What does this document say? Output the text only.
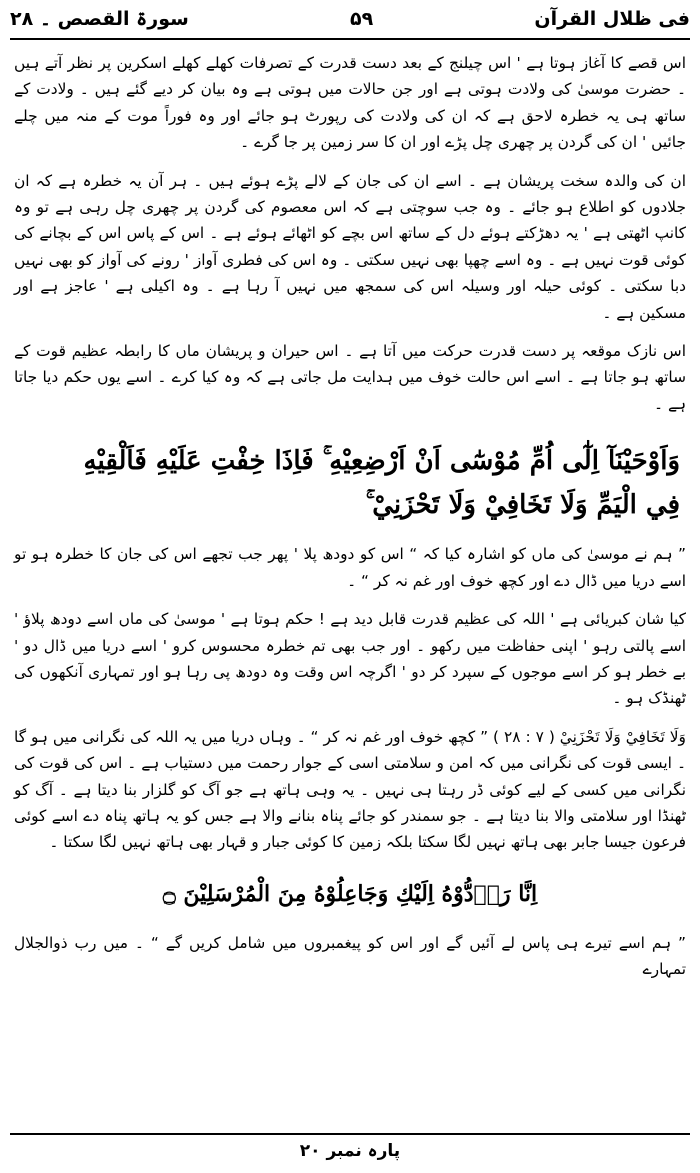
سورۃ القصص ۔ ۲۸	۵۹	فی ظلال القرآن

اس قصے کا آغاز ہوتا ہے ' اس چیلنج کے بعد دست قدرت کے تصرفات کھلے کھلے اسکرین پر نظر آتے ہیں ۔ حضرت موسیٰ کی ولادت ہوتی ہے اور جن حالات میں ہوتی ہے وہ بیان کر دیے گئے ہیں ۔ ولادت کے ساتھ ہی یہ خطرہ لاحق ہے کہ ان کی ولادت کی رپورٹ ہو جائے اور وہ فوراً موت کے منہ میں چلے جائیں ' ان کی گردن پر چھری چل پڑے اور ان کا سر زمین پر جا گرے ۔

ان کی والدہ سخت پریشان ہے ۔ اسے ان کی جان کے لالے پڑے ہوئے ہیں ۔ ہر آن یہ خطرہ ہے کہ ان جلادوں کو اطلاع ہو جائے ۔ وہ جب سوچتی ہے کہ اس معصوم کی گردن پر چھری چل رہی ہے تو وہ کانپ اٹھتی ہے ' یہ دھڑکتے ہوئے دل کے ساتھ اس بچے کو اٹھائے ہوئے ہے ۔ اس کے پاس اس کے بچانے کی کوئی قوت نہیں ہے ۔ وہ اسے چھپا بھی نہیں سکتی ۔ وہ اس کی فطری آواز ' رونے کی آواز کو بھی نہیں دبا سکتی ۔ کوئی حیلہ اور وسیلہ اس کی سمجھ میں نہیں آ رہا ہے ۔ وہ اکیلی ہے ' عاجز ہے اور مسکین ہے ۔

اس نازک موقعہ پر دست قدرت حرکت میں آتا ہے ۔ اس حیران و پریشان ماں کا رابطہ عظیم قوت کے ساتھ ہو جاتا ہے ۔ اسے اس حالت خوف میں ہدایت مل جاتی ہے کہ وہ کیا کرے ۔ اسے یوں حکم دیا جاتا ہے ۔

وَاَوْحَيْنَآ اِلٰٓى اُمِّ مُوْسٰٓى اَنْ اَرْضِعِيْهِ ۚ فَاِذَا خِفْتِ عَلَيْهِ فَاَلْقِيْهِ
فِي الْيَمِّ وَلَا تَخَافِيْ وَلَا تَحْزَنِيْ ۚ

” ہم نے موسیٰ کی ماں کو اشارہ کیا کہ “ اس کو دودھ پلا ' پھر جب تجھے اس کی جان کا خطرہ ہو تو اسے دریا میں ڈال دے اور کچھ خوف اور غم نہ کر “ ۔

کیا شان کبریائی ہے ' اللہ کی عظیم قدرت قابل دید ہے ! حکم ہوتا ہے ' موسیٰ کی ماں اسے دودھ پلاؤ ' اسے پالتی رہو ' اپنی حفاظت میں رکھو ۔ اور جب بھی تم خطرہ محسوس کرو ' اسے دریا میں ڈال دو ' بے خطر ہو کر اسے موجوں کے سپرد کر دو ' اگرچہ اس وقت وہ دودھ پی رہا ہو اور تمہاری آنکھوں کی ٹھنڈک ہو ۔

وَلَا تَخَافِيْ وَلَا تَحْزَنِيْ ( ۷ : ۲۸ ) ” کچھ خوف اور غم نہ کر “ ۔ وہاں دریا میں یہ اللہ کی نگرانی میں ہو گا ۔ ایسی قوت کی نگرانی میں کہ امن و سلامتی اسی کے جوار رحمت میں دستیاب ہے ۔ اس کی قوت کی نگرانی میں کسی کے لیے کوئی ڈر رہتا ہی نہیں ۔ یہ وہی ہاتھ ہے جو آگ کو گلزار بنا دیتا ہے ۔ آگ کو ٹھنڈا اور سلامتی والا بنا دیتا ہے ۔ جو سمندر کو جائے پناہ بنانے والا ہے جس کو یہ ہاتھ پناہ دے اسے کوئی فرعون جیسا جابر بھی ہاتھ نہیں لگا سکتا بلکہ زمین کا کوئی جبار و قہار بھی ہاتھ نہیں لگا سکتا ۔

اِنَّا رَاۗدُّوْهُ اِلَيْكِ وَجَاعِلُوْهُ مِنَ الْمُرْسَلِيْنَ ۝

” ہم اسے تیرے ہی پاس لے آئیں گے اور اس کو پیغمبروں میں شامل کریں گے “ ۔ میں رب ذوالجلال تمہارے

پارہ نمبر ۲۰
